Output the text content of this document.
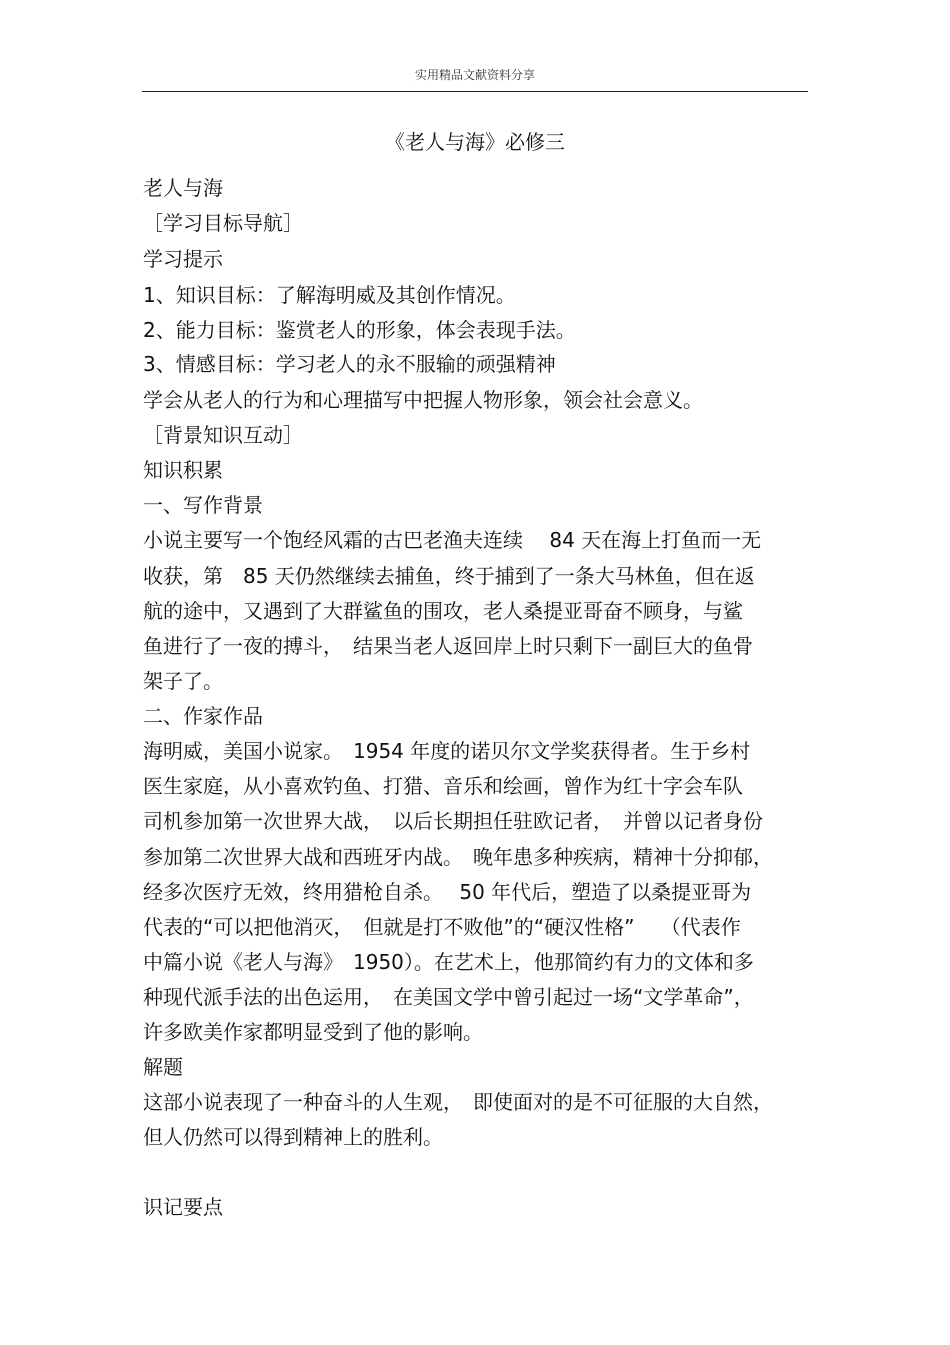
实用精品文献资料分享
《老人与海》必修三
老人与海
［学习目标导航］
学习提示
1、知识目标：了解海明威及其创作情况。
2、能力目标：鉴赏老人的形象，体会表现手法。
3、情感目标：学习老人的永不服输的顽强精神
学会从老人的行为和心理描写中把握人物形象，领会社会意义。
［背景知识互动］
知识积累
一、写作背景
小说主要写一个饱经风霜的古巴老渔夫连续　 84 天在海上打鱼而一无
收获，第　85 天仍然继续去捕鱼，终于捕到了一条大马林鱼，但在返
航的途中，又遇到了大群鲨鱼的围攻，老人桑提亚哥奋不顾身，与鲨
鱼进行了一夜的搏斗，　结果当老人返回岸上时只剩下一副巨大的鱼骨
架子了。
二、作家作品
海明威，美国小说家。　1954 年度的诺贝尔文学奖获得者。生于乡村
医生家庭，从小喜欢钓鱼、打猎、音乐和绘画，曾作为红十字会车队
司机参加第一次世界大战，　以后长期担任驻欧记者，　并曾以记者身份
参加第二次世界大战和西班牙内战。　晚年患多种疾病，精神十分抑郁，
经多次医疗无效，终用猎枪自杀。　 50 年代后，塑造了以桑提亚哥为
代表的“可以把他消灭，　但就是打不败他”的“硬汉性格”　 （代表作
中篇小说《老人与海》　1950）。在艺术上，他那简约有力的文体和多
种现代派手法的出色运用，　在美国文学中曾引起过一场“文学革命”，
许多欧美作家都明显受到了他的影响。
解题
这部小说表现了一种奋斗的人生观，　即使面对的是不可征服的大自然，
但人仍然可以得到精神上的胜利。
识记要点
